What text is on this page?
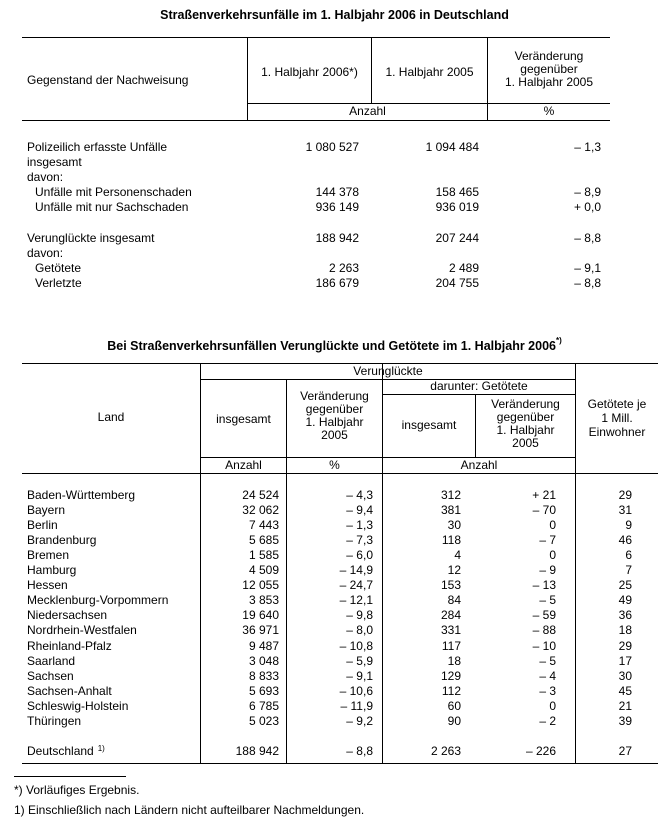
Straßenverkehrsunfälle im 1. Halbjahr 2006 in Deutschland
Gegenstand der Nachweisung
1. Halbjahr 2006*)	1. Halbjahr 2005
Veränderung
gegenüber
1. Halbjahr 2005
Anzahl	%
Polizeilich erfasste Unfälle	1 080 527	1 094 484	– 1,3
insgesamt
davon:
Unfälle mit Personenschaden	144 378	158 465	– 8,9
Unfälle mit nur Sachschaden	936 149	936 019	+ 0,0
Verunglückte insgesamt	188 942	207 244	– 8,8
davon:
Getötete	2 263	2 489	– 9,1
Verletzte	186 679	204 755	– 8,8
Bei Straßenverkehrsunfällen Verunglückte und Getötete im 1. Halbjahr 2006*)
Land
Verunglückte
insgesamt
Veränderung
gegenüber
1. Halbjahr
2005
darunter: Getötete
insgesamt
Veränderung
gegenüber
1. Halbjahr
2005
Getötete je
1 Mill.
Einwohner
Anzahl	%	Anzahl
Baden-Württemberg	24 524	– 4,3	312	+ 21	29
Bayern	32 062	– 9,4	381	– 70	31
Berlin	7 443	– 1,3	30	0	9
Brandenburg	5 685	– 7,3	118	– 7	46
Bremen	1 585	– 6,0	4	0	6
Hamburg	4 509	– 14,9	12	– 9	7
Hessen	12 055	– 24,7	153	– 13	25
Mecklenburg-Vorpommern	3 853	– 12,1	84	– 5	49
Niedersachsen	19 640	– 9,8	284	– 59	36
Nordrhein-Westfalen	36 971	– 8,0	331	– 88	18
Rheinland-Pfalz	9 487	– 10,8	117	– 10	29
Saarland	3 048	– 5,9	18	– 5	17
Sachsen	8 833	– 9,1	129	– 4	30
Sachsen-Anhalt	5 693	– 10,6	112	– 3	45
Schleswig-Holstein	6 785	– 11,9	60	0	21
Thüringen	5 023	– 9,2	90	– 2	39
Deutschland $^{1)}$	188 942	– 8,8	2 263	– 226	27
*) Vorläufiges Ergebnis.
1) Einschließlich nach Ländern nicht aufteilbarer Nachmeldungen.
